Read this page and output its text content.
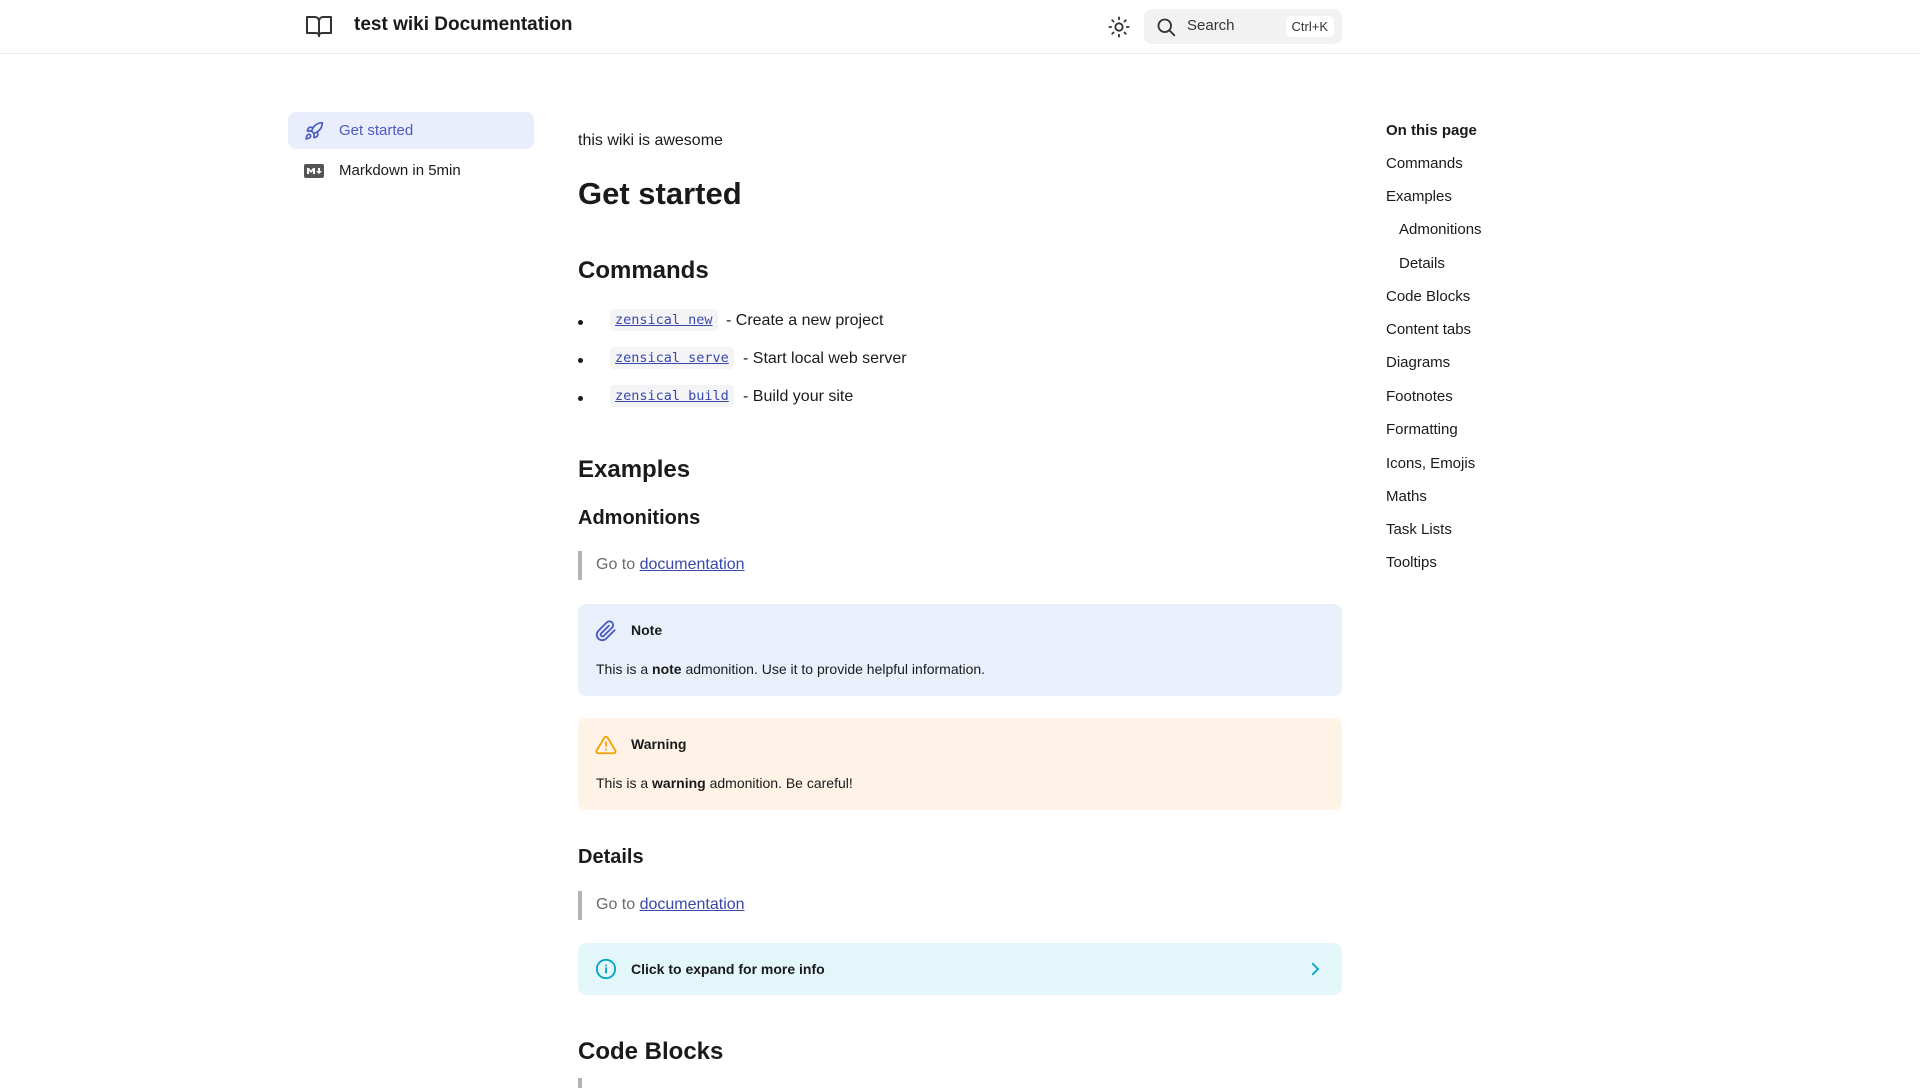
test wiki Documentation	Search	Ctrl+K
Get started
Markdown in 5min
this wiki is awesome
Get started
Commands
zensical new - Create a new project
zensical serve - Start local web server
zensical build - Build your site
Examples
Admonitions
Go to documentation
Note
This is a note admonition. Use it to provide helpful information.
Warning
This is a warning admonition. Be careful!
Details
Go to documentation
Click to expand for more info
Code Blocks
On this page
Commands
Examples
Admonitions
Details
Code Blocks
Content tabs
Diagrams
Footnotes
Formatting
Icons, Emojis
Maths
Task Lists
Tooltips
